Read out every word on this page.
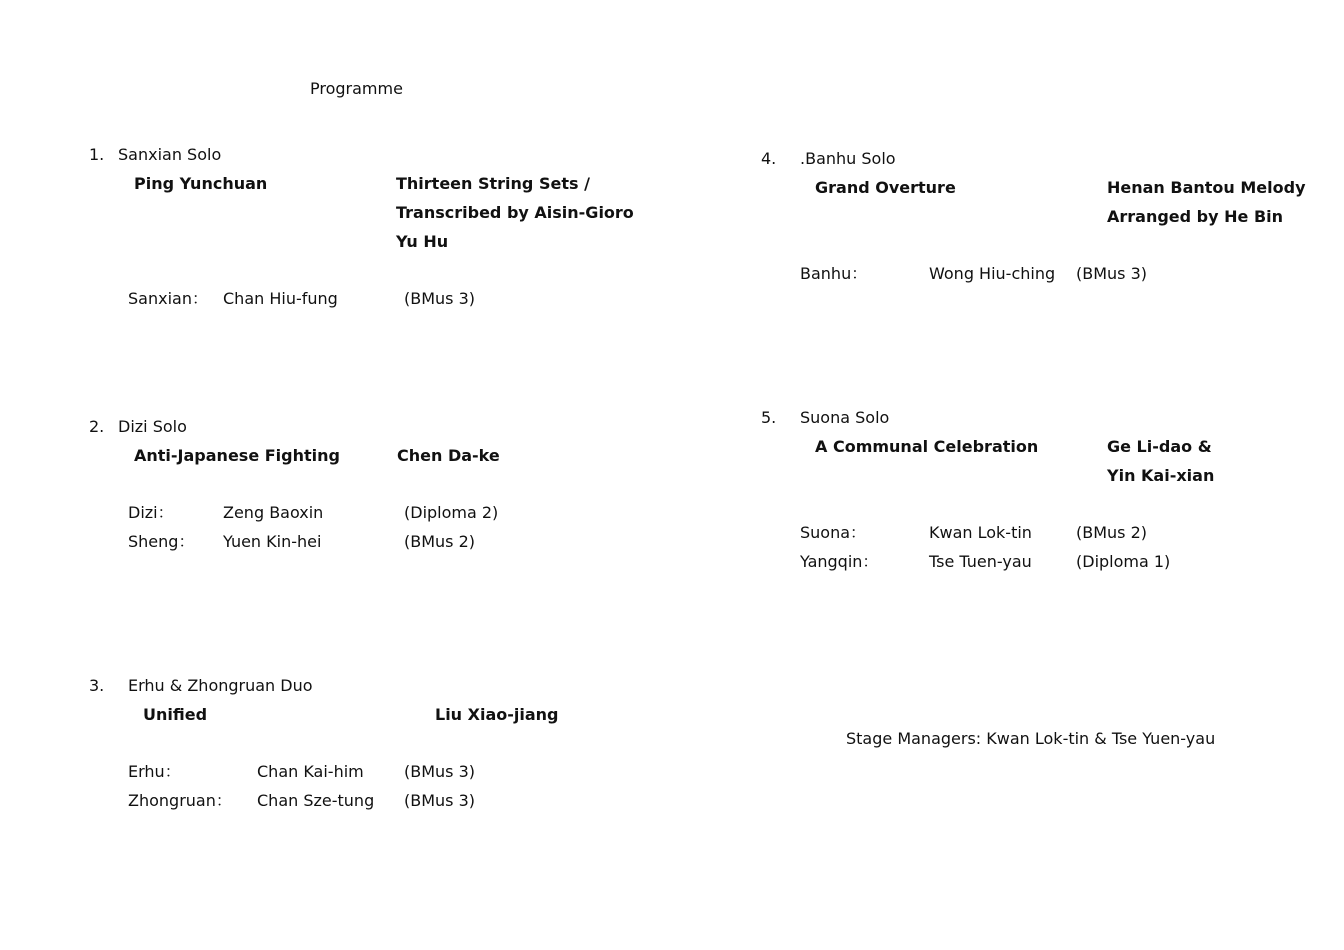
Programme
1. Sanxian Solo
Ping Yunchuan	Thirteen String Sets /
Transcribed by Aisin-Gioro
Yu Hu
Sanxian： Chan Hiu-fung	(BMus 3)
2. Dizi Solo
Anti-Japanese Fighting	Chen Da-ke
Dizi：	Zeng Baoxin	(Diploma 2)
Sheng： Yuen Kin-hei	(BMus 2)
3. Erhu & Zhongruan Duo
Unified	Liu Xiao-jiang
Erhu：	Chan Kai-him	(BMus 3)
Zhongruan： Chan Sze-tung (BMus 3)
4. .Banhu Solo
Grand Overture	Henan Bantou Melody
Arranged by He Bin
Banhu：	Wong Hiu-ching (BMus 3)
5. Suona Solo
A Communal Celebration	Ge Li-dao &
Yin Kai-xian
Suona：	Kwan Lok-tin	(BMus 2)
Yangqin：	Tse Tuen-yau	(Diploma 1)
Stage Managers: Kwan Lok-tin & Tse Yuen-yau
